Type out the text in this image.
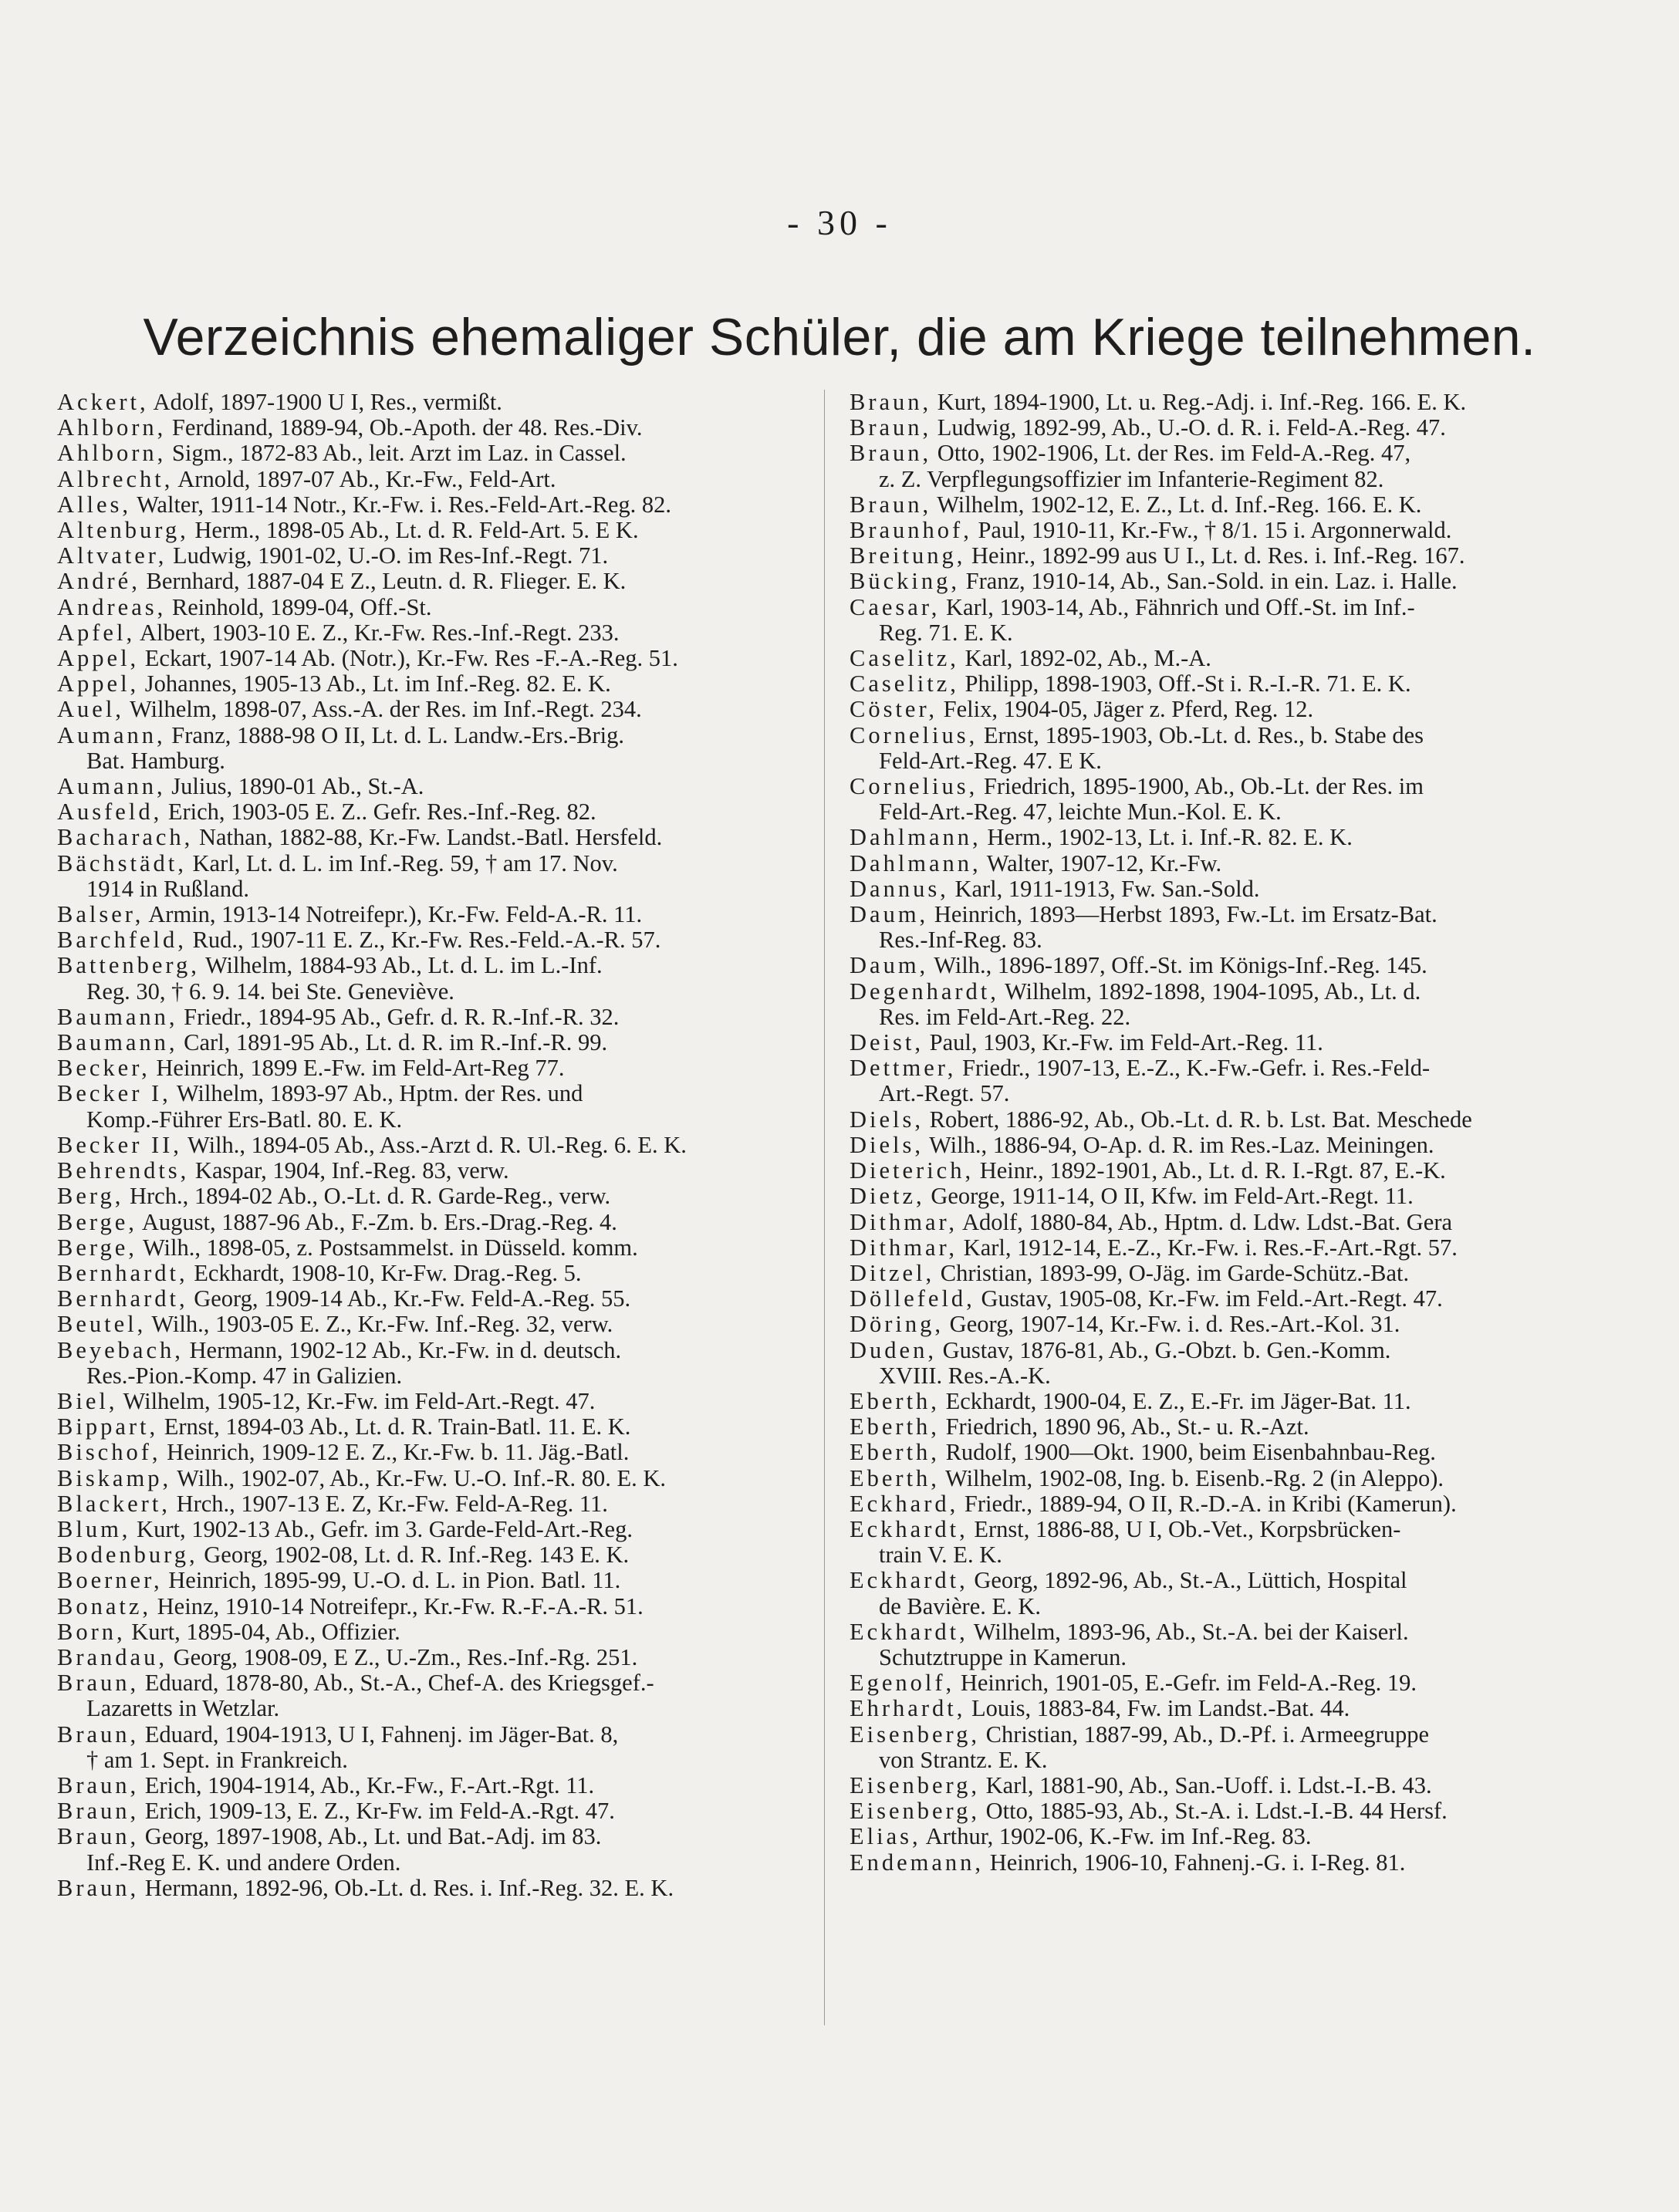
- 30 -
Verzeichnis ehemaliger Schüler, die am Kriege teilnehmen.
Ackert, Adolf, 1897-1900 U I, Res., vermißt.
Ahlborn, Ferdinand, 1889-94, Ob.-Apoth. der 48. Res.-Div.
Ahlborn, Sigm., 1872-83 Ab., leit. Arzt im Laz. in Cassel.
Albrecht, Arnold, 1897-07 Ab., Kr.-Fw., Feld-Art.
Alles, Walter, 1911-14 Notr., Kr.-Fw. i. Res.-Feld-Art.-Reg. 82.
Altenburg, Herm., 1898-05 Ab., Lt. d. R. Feld-Art. 5. E K.
Altvater, Ludwig, 1901-02, U.-O. im Res-Inf.-Regt. 71.
André, Bernhard, 1887-04 E Z., Leutn. d. R. Flieger. E. K.
Andreas, Reinhold, 1899-04, Off.-St.
Apfel, Albert, 1903-10 E. Z., Kr.-Fw. Res.-Inf.-Regt. 233.
Appel, Eckart, 1907-14 Ab. (Notr.), Kr.-Fw. Res -F.-A.-Reg. 51.
Appel, Johannes, 1905-13 Ab., Lt. im Inf.-Reg. 82. E. K.
Auel, Wilhelm, 1898-07, Ass.-A. der Res. im Inf.-Regt. 234.
Aumann, Franz, 1888-98 O II, Lt. d. L. Landw.-Ers.-Brig.
Bat. Hamburg.
Aumann, Julius, 1890-01 Ab., St.-A.
Ausfeld, Erich, 1903-05 E. Z.. Gefr. Res.-Inf.-Reg. 82.
Bacharach, Nathan, 1882-88, Kr.-Fw. Landst.-Batl. Hersfeld.
Bächstädt, Karl, Lt. d. L. im Inf.-Reg. 59, † am 17. Nov.
1914 in Rußland.
Balser, Armin, 1913-14 Notreifepr.), Kr.-Fw. Feld-A.-R. 11.
Barchfeld, Rud., 1907-11 E. Z., Kr.-Fw. Res.-Feld.-A.-R. 57.
Battenberg, Wilhelm, 1884-93 Ab., Lt. d. L. im L.-Inf.
Reg. 30, † 6. 9. 14. bei Ste. Geneviève.
Baumann, Friedr., 1894-95 Ab., Gefr. d. R. R.-Inf.-R. 32.
Baumann, Carl, 1891-95 Ab., Lt. d. R. im R.-Inf.-R. 99.
Becker, Heinrich, 1899 E.-Fw. im Feld-Art-Reg 77.
Becker I, Wilhelm, 1893-97 Ab., Hptm. der Res. und
Komp.-Führer Ers-Batl. 80. E. K.
Becker II, Wilh., 1894-05 Ab., Ass.-Arzt d. R. Ul.-Reg. 6. E. K.
Behrendts, Kaspar, 1904, Inf.-Reg. 83, verw.
Berg, Hrch., 1894-02 Ab., O.-Lt. d. R. Garde-Reg., verw.
Berge, August, 1887-96 Ab., F.-Zm. b. Ers.-Drag.-Reg. 4.
Berge, Wilh., 1898-05, z. Postsammelst. in Düsseld. komm.
Bernhardt, Eckhardt, 1908-10, Kr-Fw. Drag.-Reg. 5.
Bernhardt, Georg, 1909-14 Ab., Kr.-Fw. Feld-A.-Reg. 55.
Beutel, Wilh., 1903-05 E. Z., Kr.-Fw. Inf.-Reg. 32, verw.
Beyebach, Hermann, 1902-12 Ab., Kr.-Fw. in d. deutsch.
Res.-Pion.-Komp. 47 in Galizien.
Biel, Wilhelm, 1905-12, Kr.-Fw. im Feld-Art.-Regt. 47.
Bippart, Ernst, 1894-03 Ab., Lt. d. R. Train-Batl. 11. E. K.
Bischof, Heinrich, 1909-12 E. Z., Kr.-Fw. b. 11. Jäg.-Batl.
Biskamp, Wilh., 1902-07, Ab., Kr.-Fw. U.-O. Inf.-R. 80. E. K.
Blackert, Hrch., 1907-13 E. Z, Kr.-Fw. Feld-A-Reg. 11.
Blum, Kurt, 1902-13 Ab., Gefr. im 3. Garde-Feld-Art.-Reg.
Bodenburg, Georg, 1902-08, Lt. d. R. Inf.-Reg. 143 E. K.
Boerner, Heinrich, 1895-99, U.-O. d. L. in Pion. Batl. 11.
Bonatz, Heinz, 1910-14 Notreifepr., Kr.-Fw. R.-F.-A.-R. 51.
Born, Kurt, 1895-04, Ab., Offizier.
Brandau, Georg, 1908-09, E Z., U.-Zm., Res.-Inf.-Rg. 251.
Braun, Eduard, 1878-80, Ab., St.-A., Chef-A. des Kriegsgef.-
Lazaretts in Wetzlar.
Braun, Eduard, 1904-1913, U I, Fahnenj. im Jäger-Bat. 8,
† am 1. Sept. in Frankreich.
Braun, Erich, 1904-1914, Ab., Kr.-Fw., F.-Art.-Rgt. 11.
Braun, Erich, 1909-13, E. Z., Kr-Fw. im Feld-A.-Rgt. 47.
Braun, Georg, 1897-1908, Ab., Lt. und Bat.-Adj. im 83.
Inf.-Reg E. K. und andere Orden.
Braun, Hermann, 1892-96, Ob.-Lt. d. Res. i. Inf.-Reg. 32. E. K.
Braun, Kurt, 1894-1900, Lt. u. Reg.-Adj. i. Inf.-Reg. 166. E. K.
Braun, Ludwig, 1892-99, Ab., U.-O. d. R. i. Feld-A.-Reg. 47.
Braun, Otto, 1902-1906, Lt. der Res. im Feld-A.-Reg. 47,
z. Z. Verpflegungsoffizier im Infanterie-Regiment 82.
Braun, Wilhelm, 1902-12, E. Z., Lt. d. Inf.-Reg. 166. E. K.
Braunhof, Paul, 1910-11, Kr.-Fw., † 8/1. 15 i. Argonnerwald.
Breitung, Heinr., 1892-99 aus U I., Lt. d. Res. i. Inf.-Reg. 167.
Bücking, Franz, 1910-14, Ab., San.-Sold. in ein. Laz. i. Halle.
Caesar, Karl, 1903-14, Ab., Fähnrich und Off.-St. im Inf.-
Reg. 71. E. K.
Caselitz, Karl, 1892-02, Ab., M.-A.
Caselitz, Philipp, 1898-1903, Off.-St i. R.-I.-R. 71. E. K.
Cöster, Felix, 1904-05, Jäger z. Pferd, Reg. 12.
Cornelius, Ernst, 1895-1903, Ob.-Lt. d. Res., b. Stabe des
Feld-Art.-Reg. 47. E K.
Cornelius, Friedrich, 1895-1900, Ab., Ob.-Lt. der Res. im
Feld-Art.-Reg. 47, leichte Mun.-Kol. E. K.
Dahlmann, Herm., 1902-13, Lt. i. Inf.-R. 82. E. K.
Dahlmann, Walter, 1907-12, Kr.-Fw.
Dannus, Karl, 1911-1913, Fw. San.-Sold.
Daum, Heinrich, 1893—Herbst 1893, Fw.-Lt. im Ersatz-Bat.
Res.-Inf-Reg. 83.
Daum, Wilh., 1896-1897, Off.-St. im Königs-Inf.-Reg. 145.
Degenhardt, Wilhelm, 1892-1898, 1904-1095, Ab., Lt. d.
Res. im Feld-Art.-Reg. 22.
Deist, Paul, 1903, Kr.-Fw. im Feld-Art.-Reg. 11.
Dettmer, Friedr., 1907-13, E.-Z., K.-Fw.-Gefr. i. Res.-Feld-
Art.-Regt. 57.
Diels, Robert, 1886-92, Ab., Ob.-Lt. d. R. b. Lst. Bat. Meschede
Diels, Wilh., 1886-94, O-Ap. d. R. im Res.-Laz. Meiningen.
Dieterich, Heinr., 1892-1901, Ab., Lt. d. R. I.-Rgt. 87, E.-K.
Dietz, George, 1911-14, O II, Kfw. im Feld-Art.-Regt. 11.
Dithmar, Adolf, 1880-84, Ab., Hptm. d. Ldw. Ldst.-Bat. Gera
Dithmar, Karl, 1912-14, E.-Z., Kr.-Fw. i. Res.-F.-Art.-Rgt. 57.
Ditzel, Christian, 1893-99, O-Jäg. im Garde-Schütz.-Bat.
Döllefeld, Gustav, 1905-08, Kr.-Fw. im Feld.-Art.-Regt. 47.
Döring, Georg, 1907-14, Kr.-Fw. i. d. Res.-Art.-Kol. 31.
Duden, Gustav, 1876-81, Ab., G.-Obzt. b. Gen.-Komm.
XVIII. Res.-A.-K.
Eberth, Eckhardt, 1900-04, E. Z., E.-Fr. im Jäger-Bat. 11.
Eberth, Friedrich, 1890 96, Ab., St.- u. R.-Azt.
Eberth, Rudolf, 1900—Okt. 1900, beim Eisenbahnbau-Reg.
Eberth, Wilhelm, 1902-08, Ing. b. Eisenb.-Rg. 2 (in Aleppo).
Eckhard, Friedr., 1889-94, O II, R.-D.-A. in Kribi (Kamerun).
Eckhardt, Ernst, 1886-88, U I, Ob.-Vet., Korpsbrücken-
train V. E. K.
Eckhardt, Georg, 1892-96, Ab., St.-A., Lüttich, Hospital
de Bavière. E. K.
Eckhardt, Wilhelm, 1893-96, Ab., St.-A. bei der Kaiserl.
Schutztruppe in Kamerun.
Egenolf, Heinrich, 1901-05, E.-Gefr. im Feld-A.-Reg. 19.
Ehrhardt, Louis, 1883-84, Fw. im Landst.-Bat. 44.
Eisenberg, Christian, 1887-99, Ab., D.-Pf. i. Armeegruppe
von Strantz. E. K.
Eisenberg, Karl, 1881-90, Ab., San.-Uoff. i. Ldst.-I.-B. 43.
Eisenberg, Otto, 1885-93, Ab., St.-A. i. Ldst.-I.-B. 44 Hersf.
Elias, Arthur, 1902-06, K.-Fw. im Inf.-Reg. 83.
Endemann, Heinrich, 1906-10, Fahnenj.-G. i. I-Reg. 81.
